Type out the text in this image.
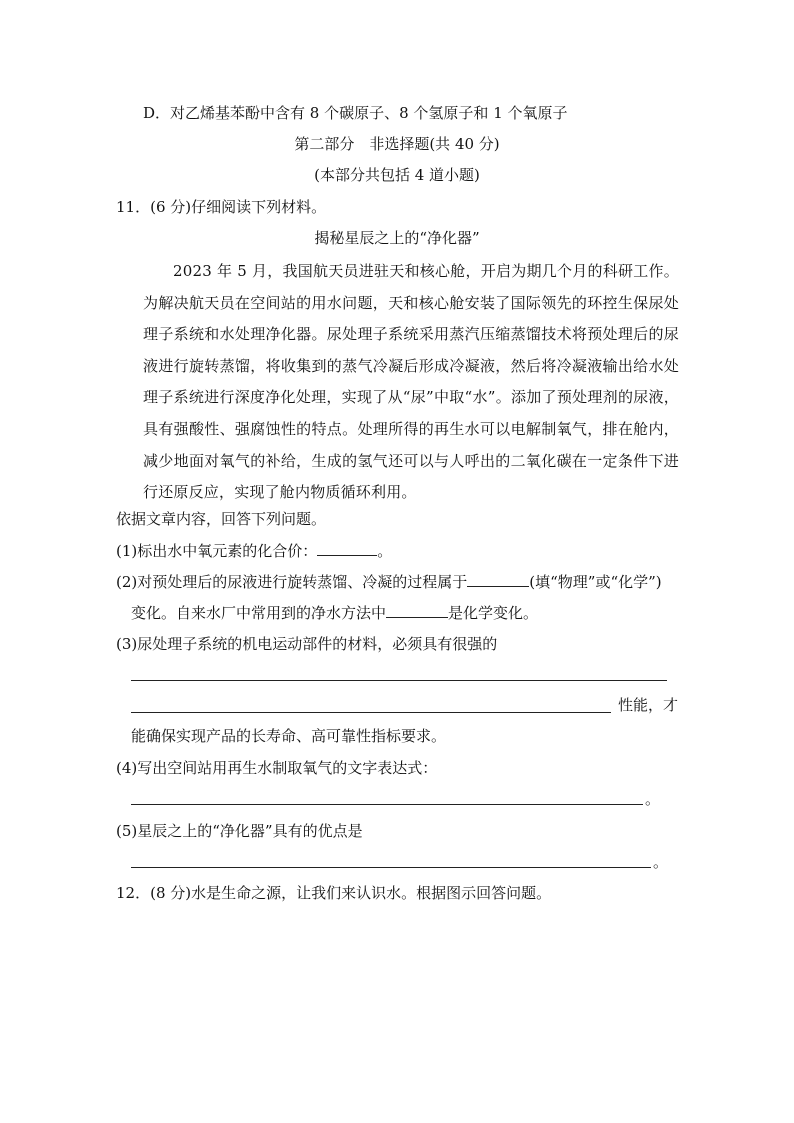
D．对乙烯基苯酚中含有 8 个碳原子、8 个氢原子和 1 个氧原子
第二部分　非选择题(共 40 分)
(本部分共包括 4 道小题)
11．(6 分)仔细阅读下列材料。
揭秘星辰之上的“净化器”

2023 年 5 月，我国航天员进驻天和核心舱，开启为期几个月的科研工作。为解决航天员在空间站的用水问题，天和核心舱安装了国际领先的环控生保尿处理子系统和水处理净化器。尿处理子系统采用蒸汽压缩蒸馏技术将预处理后的尿液进行旋转蒸馏，将收集到的蒸气冷凝后形成冷凝液，然后将冷凝液输出给水处理子系统进行深度净化处理，实现了从“尿”中取“水”。添加了预处理剂的尿液，具有强酸性、强腐蚀性的特点。处理所得的再生水可以电解制氧气，排在舱内，减少地面对氧气的补给，生成的氢气还可以与人呼出的二氧化碳在一定条件下进行还原反应，实现了舱内物质循环利用。

依据文章内容，回答下列问题。
(1)标出水中氧元素的化合价：	。
(2)对预处理后的尿液进行旋转蒸馏、冷凝的过程属于	(填“物理”或“化学”)
变化。自来水厂中常用到的净水方法中	是化学变化。
(3)尿处理子系统的机电运动部件的材料，必须具有很强的
性能，才
能确保实现产品的长寿命、高可靠性指标要求。
(4)写出空间站用再生水制取氧气的文字表达式：
。
(5)星辰之上的“净化器”具有的优点是
。
12．(8 分)水是生命之源，让我们来认识水。根据图示回答问题。
